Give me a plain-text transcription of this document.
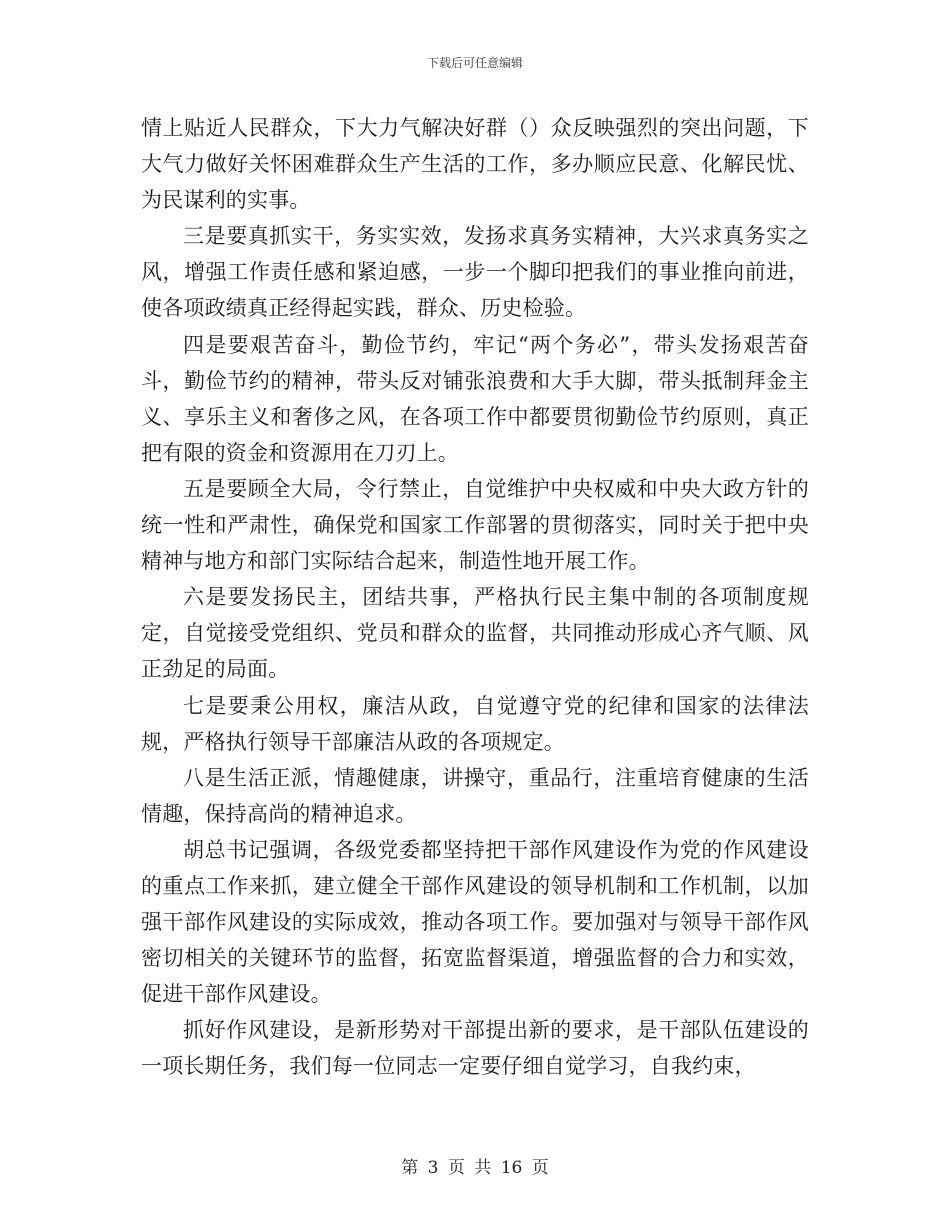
下载后可任意编辑

情上贴近人民群众，下大力气解决好群（）众反映强烈的突出问题，下大气力做好关怀困难群众生产生活的工作，多办顺应民意、化解民忧、为民谋利的实事。

三是要真抓实干，务实实效，发扬求真务实精神，大兴求真务实之风，增强工作责任感和紧迫感，一步一个脚印把我们的事业推向前进，使各项政绩真正经得起实践，群众、历史检验。

四是要艰苦奋斗，勤俭节约，牢记“两个务必”，带头发扬艰苦奋斗，勤俭节约的精神，带头反对铺张浪费和大手大脚，带头抵制拜金主义、享乐主义和奢侈之风，在各项工作中都要贯彻勤俭节约原则，真正把有限的资金和资源用在刀刃上。

五是要顾全大局，令行禁止，自觉维护中央权威和中央大政方针的统一性和严肃性，确保党和国家工作部署的贯彻落实，同时关于把中央精神与地方和部门实际结合起来，制造性地开展工作。

六是要发扬民主，团结共事，严格执行民主集中制的各项制度规定，自觉接受党组织、党员和群众的监督，共同推动形成心齐气顺、风正劲足的局面。

七是要秉公用权，廉洁从政，自觉遵守党的纪律和国家的法律法规，严格执行领导干部廉洁从政的各项规定。

八是生活正派，情趣健康，讲操守，重品行，注重培育健康的生活情趣，保持高尚的精神追求。

胡总书记强调，各级党委都坚持把干部作风建设作为党的作风建设的重点工作来抓，建立健全干部作风建设的领导机制和工作机制，以加强干部作风建设的实际成效，推动各项工作。要加强对与领导干部作风密切相关的关键环节的监督，拓宽监督渠道，增强监督的合力和实效，促进干部作风建设。

抓好作风建设，是新形势对干部提出新的要求，是干部队伍建设的一项长期任务，我们每一位同志一定要仔细自觉学习，自我约束，

第 3 页 共 16 页
